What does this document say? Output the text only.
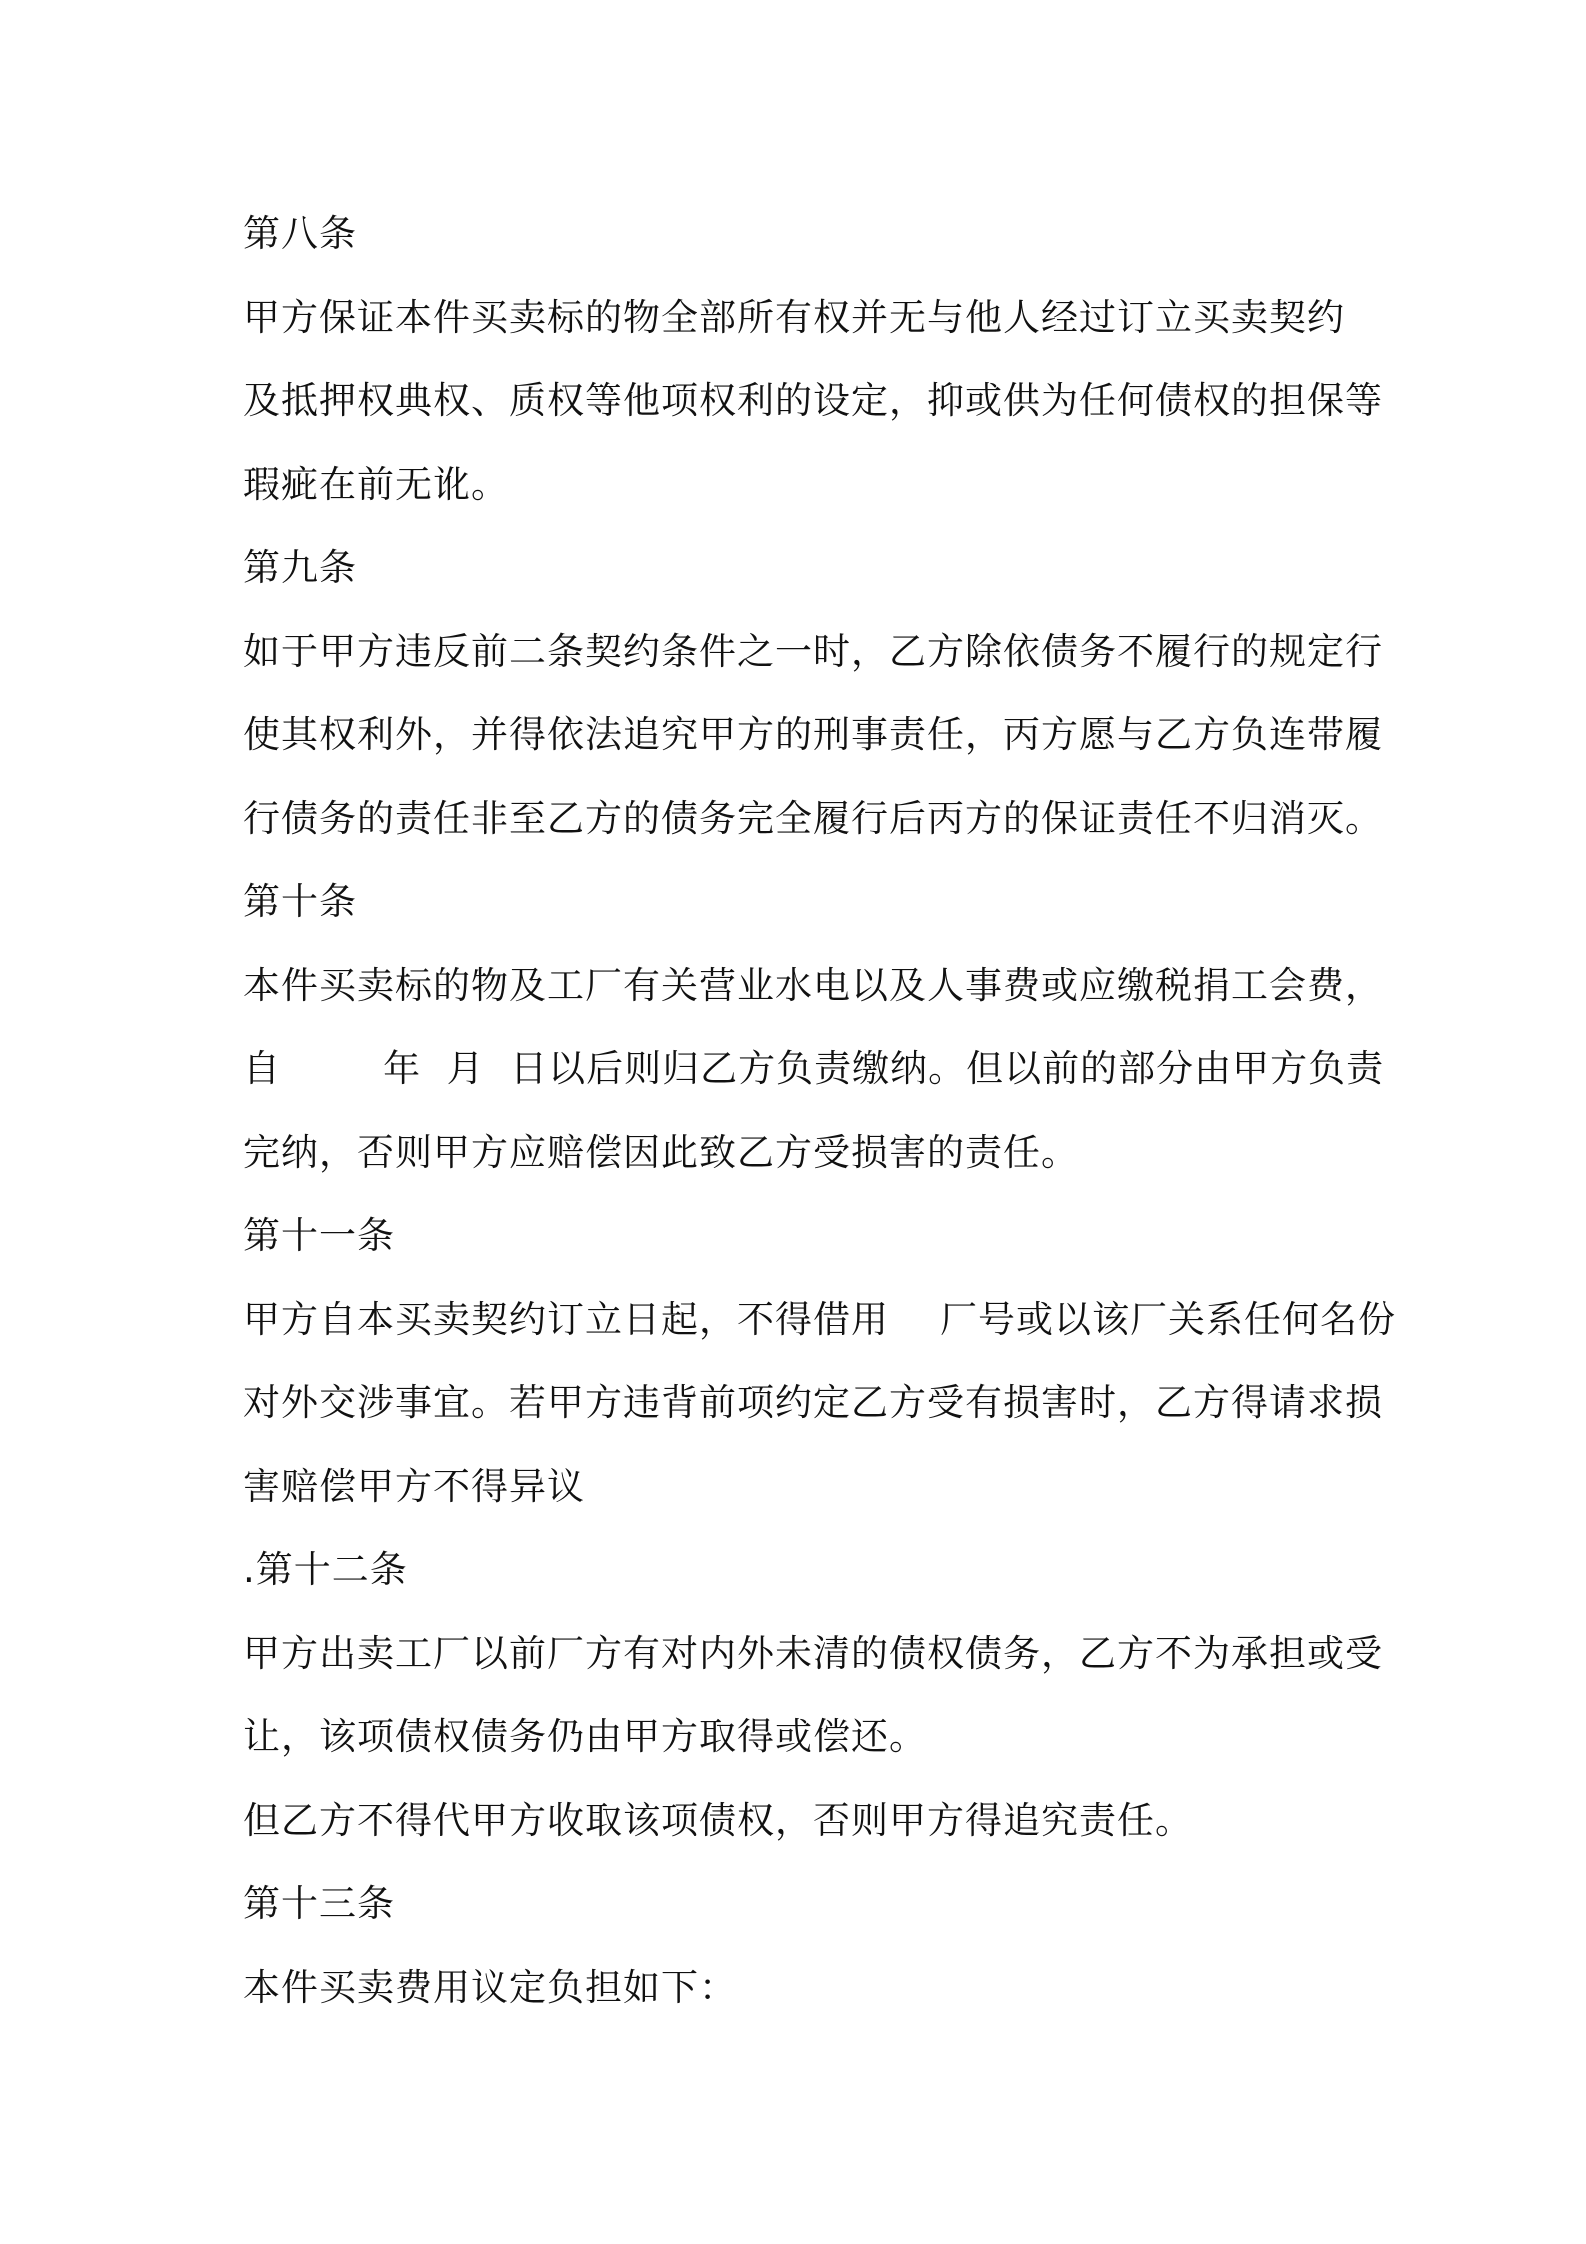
第八条
甲方保证本件买卖标的物全部所有权并无与他人经过订立买卖契约
及抵押权典权、质权等他项权利的设定，抑或供为任何债权的担保等
瑕疵在前无讹。
第九条
如于甲方违反前二条契约条件之一时，乙方除依债务不履行的规定行
使其权利外，并得依法追究甲方的刑事责任，丙方愿与乙方负连带履
行债务的责任非至乙方的债务完全履行后丙方的保证责任不归消灭。
第十条
本件买卖标的物及工厂有关营业水电以及人事费或应缴税捐工会费，
自        年  月  日以后则归乙方负责缴纳。但以前的部分由甲方负责
完纳，否则甲方应赔偿因此致乙方受损害的责任。
第十一条
甲方自本买卖契约订立日起，不得借用    厂号或以该厂关系任何名份
对外交涉事宜。若甲方违背前项约定乙方受有损害时，乙方得请求损
害赔偿甲方不得异议
.第十二条
甲方出卖工厂以前厂方有对内外未清的债权债务，乙方不为承担或受
让，该项债权债务仍由甲方取得或偿还。
但乙方不得代甲方收取该项债权，否则甲方得追究责任。
第十三条
本件买卖费用议定负担如下：
